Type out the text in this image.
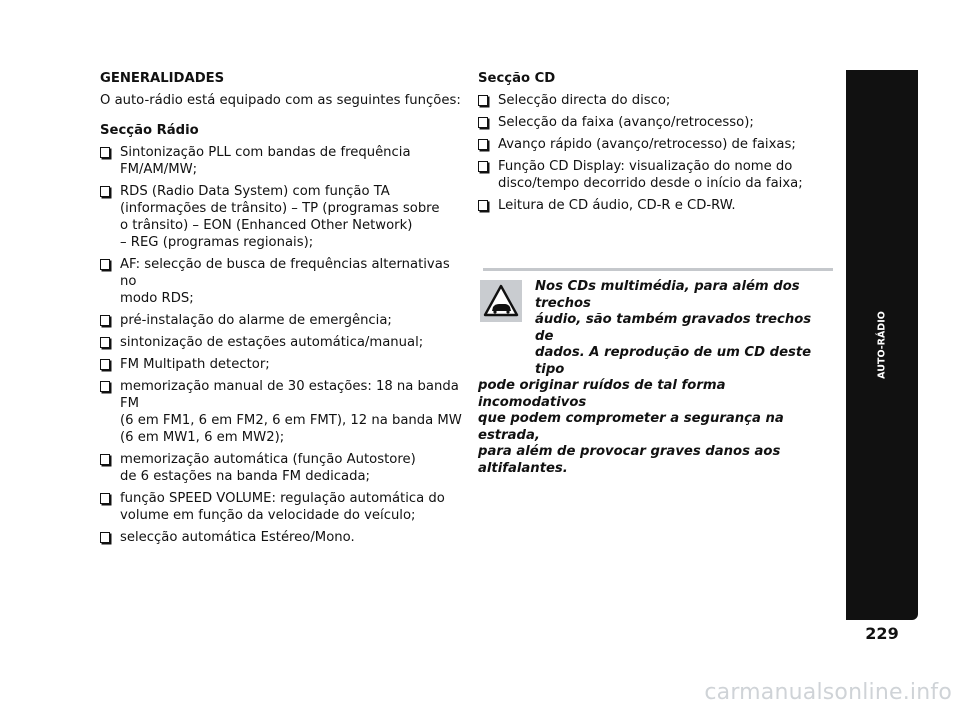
GENERALIDADES
O auto-rádio está equipado com as seguintes funções:
Secção Rádio
Sintonização PLL com bandas de frequência
FM/AM/MW;
RDS (Radio Data System) com função TA
(informações de trânsito) – TP (programas sobre
o trânsito) – EON (Enhanced Other Network)
– REG (programas regionais);
AF: selecção de busca de frequências alternativas no
modo RDS;
pré-instalação do alarme de emergência;
sintonização de estações automática/manual;
FM Multipath detector;
memorização manual de 30 estações: 18 na banda FM
(6 em FM1, 6 em FM2, 6 em FMT), 12 na banda MW
(6 em MW1, 6 em MW2);
memorização automática (função Autostore)
de 6 estações na banda FM dedicada;
função SPEED VOLUME: regulação automática do
volume em função da velocidade do veículo;
selecção automática Estéreo/Mono.
Secção CD
Selecção directa do disco;
Selecção da faixa (avanço/retrocesso);
Avanço rápido (avanço/retrocesso) de faixas;
Função CD Display: visualização do nome do
disco/tempo decorrido desde o início da faixa;
Leitura de CD áudio, CD-R e CD-RW.
Nos CDs multimédia, para além dos trechos
áudio, são também gravados trechos de
dados. A reprodução de um CD deste tipo
pode originar ruídos de tal forma incomodativos
que podem comprometer a segurança na estrada,
para além de provocar graves danos aos
altifalantes.
AUTO-RÁDIO
229
carmanualsonline.info
